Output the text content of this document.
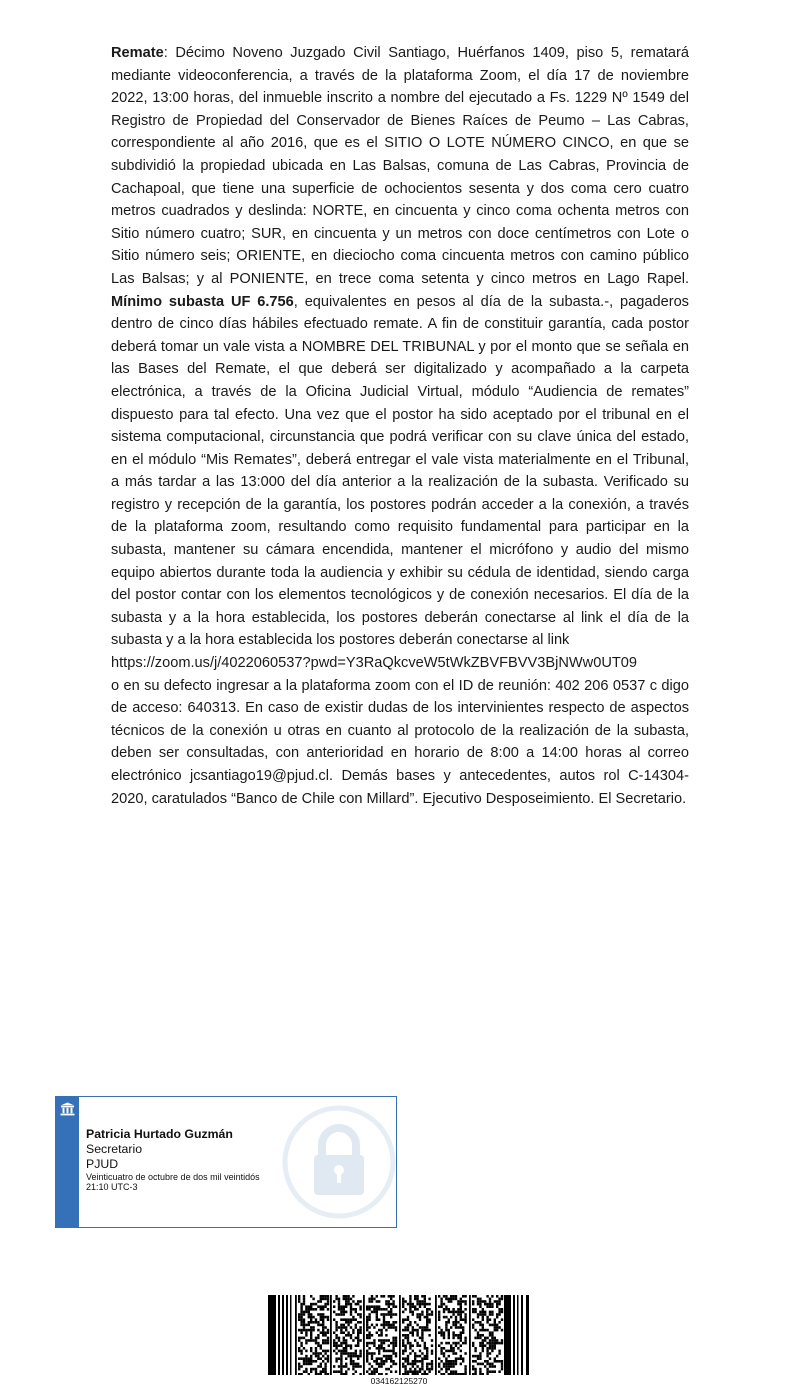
Remate: Décimo Noveno Juzgado Civil Santiago, Huérfanos 1409, piso 5, rematará mediante videoconferencia, a través de la plataforma Zoom, el día 17 de noviembre 2022, 13:00 horas, del inmueble inscrito a nombre del ejecutado a Fs. 1229 Nº 1549 del Registro de Propiedad del Conservador de Bienes Raíces de Peumo – Las Cabras, correspondiente al año 2016, que es el SITIO O LOTE NÚMERO CINCO, en que se subdividió la propiedad ubicada en Las Balsas, comuna de Las Cabras, Provincia de Cachapoal, que tiene una superficie de ochocientos sesenta y dos coma cero cuatro metros cuadrados y deslinda: NORTE, en cincuenta y cinco coma ochenta metros con Sitio número cuatro; SUR, en cincuenta y un metros con doce centímetros con Lote o Sitio número seis; ORIENTE, en dieciocho coma cincuenta metros con camino público Las Balsas; y al PONIENTE, en trece coma setenta y cinco metros en Lago Rapel. Mínimo subasta UF 6.756, equivalentes en pesos al día de la subasta.-, pagaderos dentro de cinco días hábiles efectuado remate. A fin de constituir garantía, cada postor deberá tomar un vale vista a NOMBRE DEL TRIBUNAL y por el monto que se señala en las Bases del Remate, el que deberá ser digitalizado y acompañado a la carpeta electrónica, a través de la Oficina Judicial Virtual, módulo “Audiencia de remates” dispuesto para tal efecto. Una vez que el postor ha sido aceptado por el tribunal en el sistema computacional, circunstancia que podrá verificar con su clave única del estado, en el módulo “Mis Remates”, deberá entregar el vale vista materialmente en el Tribunal, a más tardar a las 13:000 del día anterior a la realización de la subasta. Verificado su registro y recepción de la garantía, los postores podrán acceder a la conexión, a través de la plataforma zoom, resultando como requisito fundamental para participar en la subasta, mantener su cámara encendida, mantener el micrófono y audio del mismo equipo abiertos durante toda la audiencia y exhibir su cédula de identidad, siendo carga del postor contar con los elementos tecnológicos y de conexión necesarios. El día de la subasta y a la hora establecida, los postores deberán conectarse al link el día de la subasta y a la hora establecida los postores deberán conectarse al link
https://zoom.us/j/4022060537?pwd=Y3RaQkcveW5tWkZBVFBVV3BjNWw0UT09
o en su defecto ingresar a la plataforma zoom con el ID de reunión: 402 206 0537 c digo de acceso: 640313. En caso de existir dudas de los intervinientes respecto de aspectos técnicos de la conexión u otras en cuanto al protocolo de la realización de la subasta, deben ser consultadas, con anterioridad en horario de 8:00 a 14:00 horas al correo electrónico jcsantiago19@pjud.cl. Demás bases y antecedentes, autos rol C-14304-2020, caratulados “Banco de Chile con Millard”. Ejecutivo Desposeimiento. El Secretario.
Patricia Hurtado Guzmán
Secretario
PJUD
Veinticuatro de octubre de dos mil veintidós
21:10 UTC-3
034162125270
